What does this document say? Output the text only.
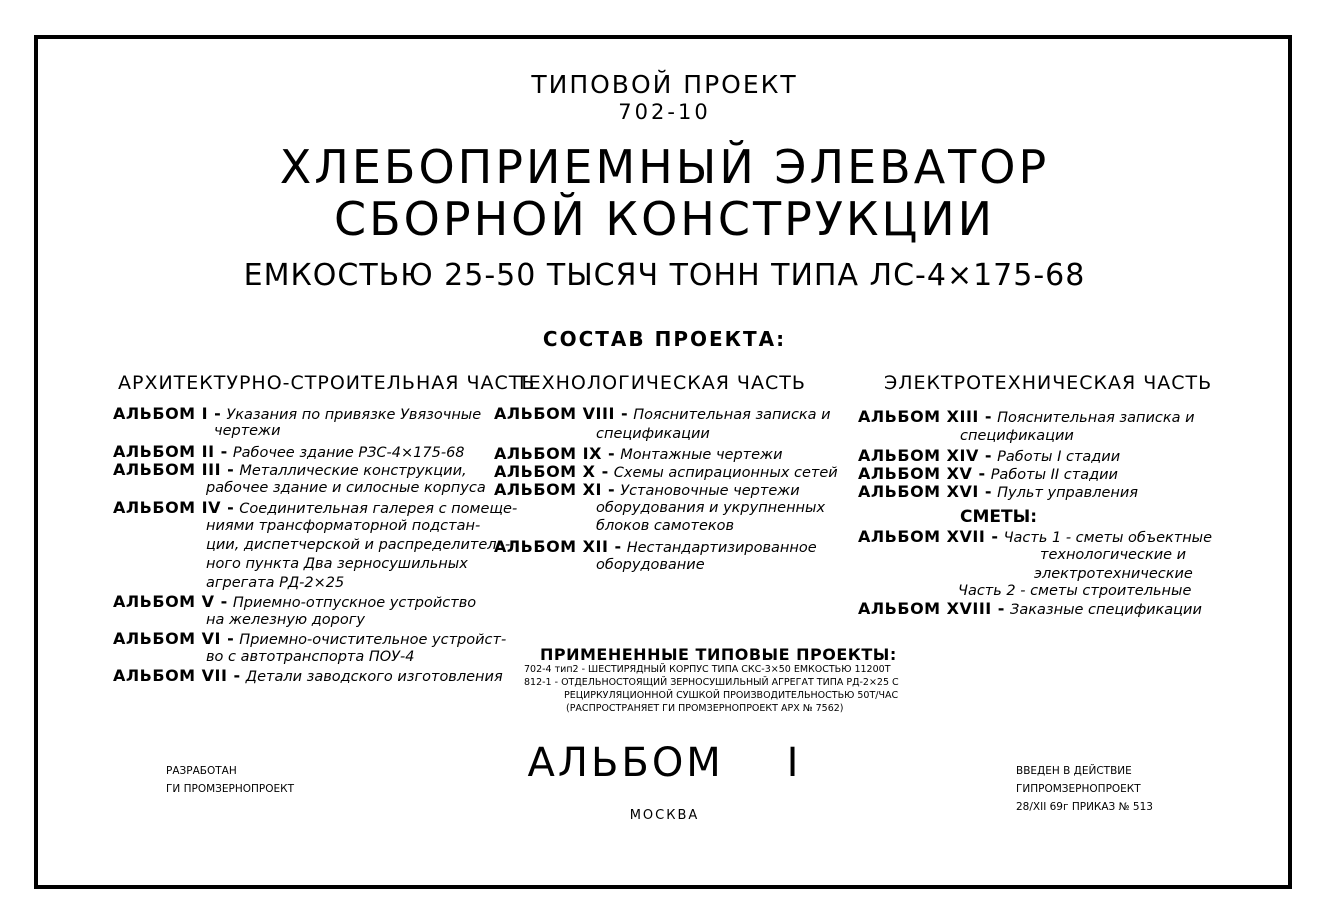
ТИПОВОЙ ПРОЕКТ
702-10
ХЛЕБОПРИЕМНЫЙ ЭЛЕВАТОР
СБОРНОЙ КОНСТРУКЦИИ
ЕМКОСТЬЮ 25-50 ТЫСЯЧ ТОНН ТИПА ЛС-4×175-68
СОСТАВ ПРОЕКТА:
АРХИТЕКТУРНО-СТРОИТЕЛЬНАЯ ЧАСТЬ
ТЕХНОЛОГИЧЕСКАЯ ЧАСТЬ	ЭЛЕКТРОТЕХНИЧЕСКАЯ ЧАСТЬ
АЛЬБОМ I - Указания по привязке Увязочные
чертежи
АЛЬБОМ II - Рабочее здание РЗС-4×175-68
АЛЬБОМ III - Металлические конструкции,
рабочее здание и силосные корпуса
АЛЬБОМ IV - Соединительная галерея с помеще-
ниями трансформаторной подстан-
ции, диспетчерской и распределитель-
ного пункта Два зерносушильных
агрегата РД-2×25
АЛЬБОМ V - Приемно-отпускное устройство
на железную дорогу
АЛЬБОМ VI - Приемно-очистительное устройст-
во с автотранспорта ПОУ-4
АЛЬБОМ VII - Детали заводского изготовления
АЛЬБОМ VIII - Пояснительная записка и
спецификации
АЛЬБОМ IX - Монтажные чертежи
АЛЬБОМ X - Схемы аспирационных сетей
АЛЬБОМ XI - Установочные чертежи
оборудования и укрупненных
блоков самотеков
АЛЬБОМ XII - Нестандартизированное
оборудование
АЛЬБОМ XIII - Пояснительная записка и
спецификации
АЛЬБОМ XIV - Работы I стадии
АЛЬБОМ XV - Работы II стадии
АЛЬБОМ XVI - Пульт управления
СМЕТЫ:
АЛЬБОМ XVII - Часть 1 - сметы объектные
технологические и
электротехнические
Часть 2 - сметы строительные
АЛЬБОМ XVIII - Заказные спецификации
ПРИМЕНЕННЫЕ ТИПОВЫЕ ПРОЕКТЫ:
702-4 тип2 - ШЕСТИРЯДНЫЙ КОРПУС ТИПА СКС-3×50 ЕМКОСТЬЮ 11200Т
812-1 - ОТДЕЛЬНОСТОЯЩИЙ ЗЕРНОСУШИЛЬНЫЙ АГРЕГАТ ТИПА РД-2×25 С
РЕЦИРКУЛЯЦИОННОЙ СУШКОЙ ПРОИЗВОДИТЕЛЬНОСТЬЮ 50Т/ЧАС
(РАСПРОСТРАНЯЕТ ГИ ПРОМЗЕРНОПРОЕКТ АРХ № 7562)
АЛЬБОМ    I
МОСКВА
РАЗРАБОТАН
ГИ ПРОМЗЕРНОПРОЕКТ
ВВЕДЕН В ДЕЙСТВИЕ
ГИПРОМЗЕРНОПРОЕКТ
28/XII 69г ПРИКАЗ № 513
